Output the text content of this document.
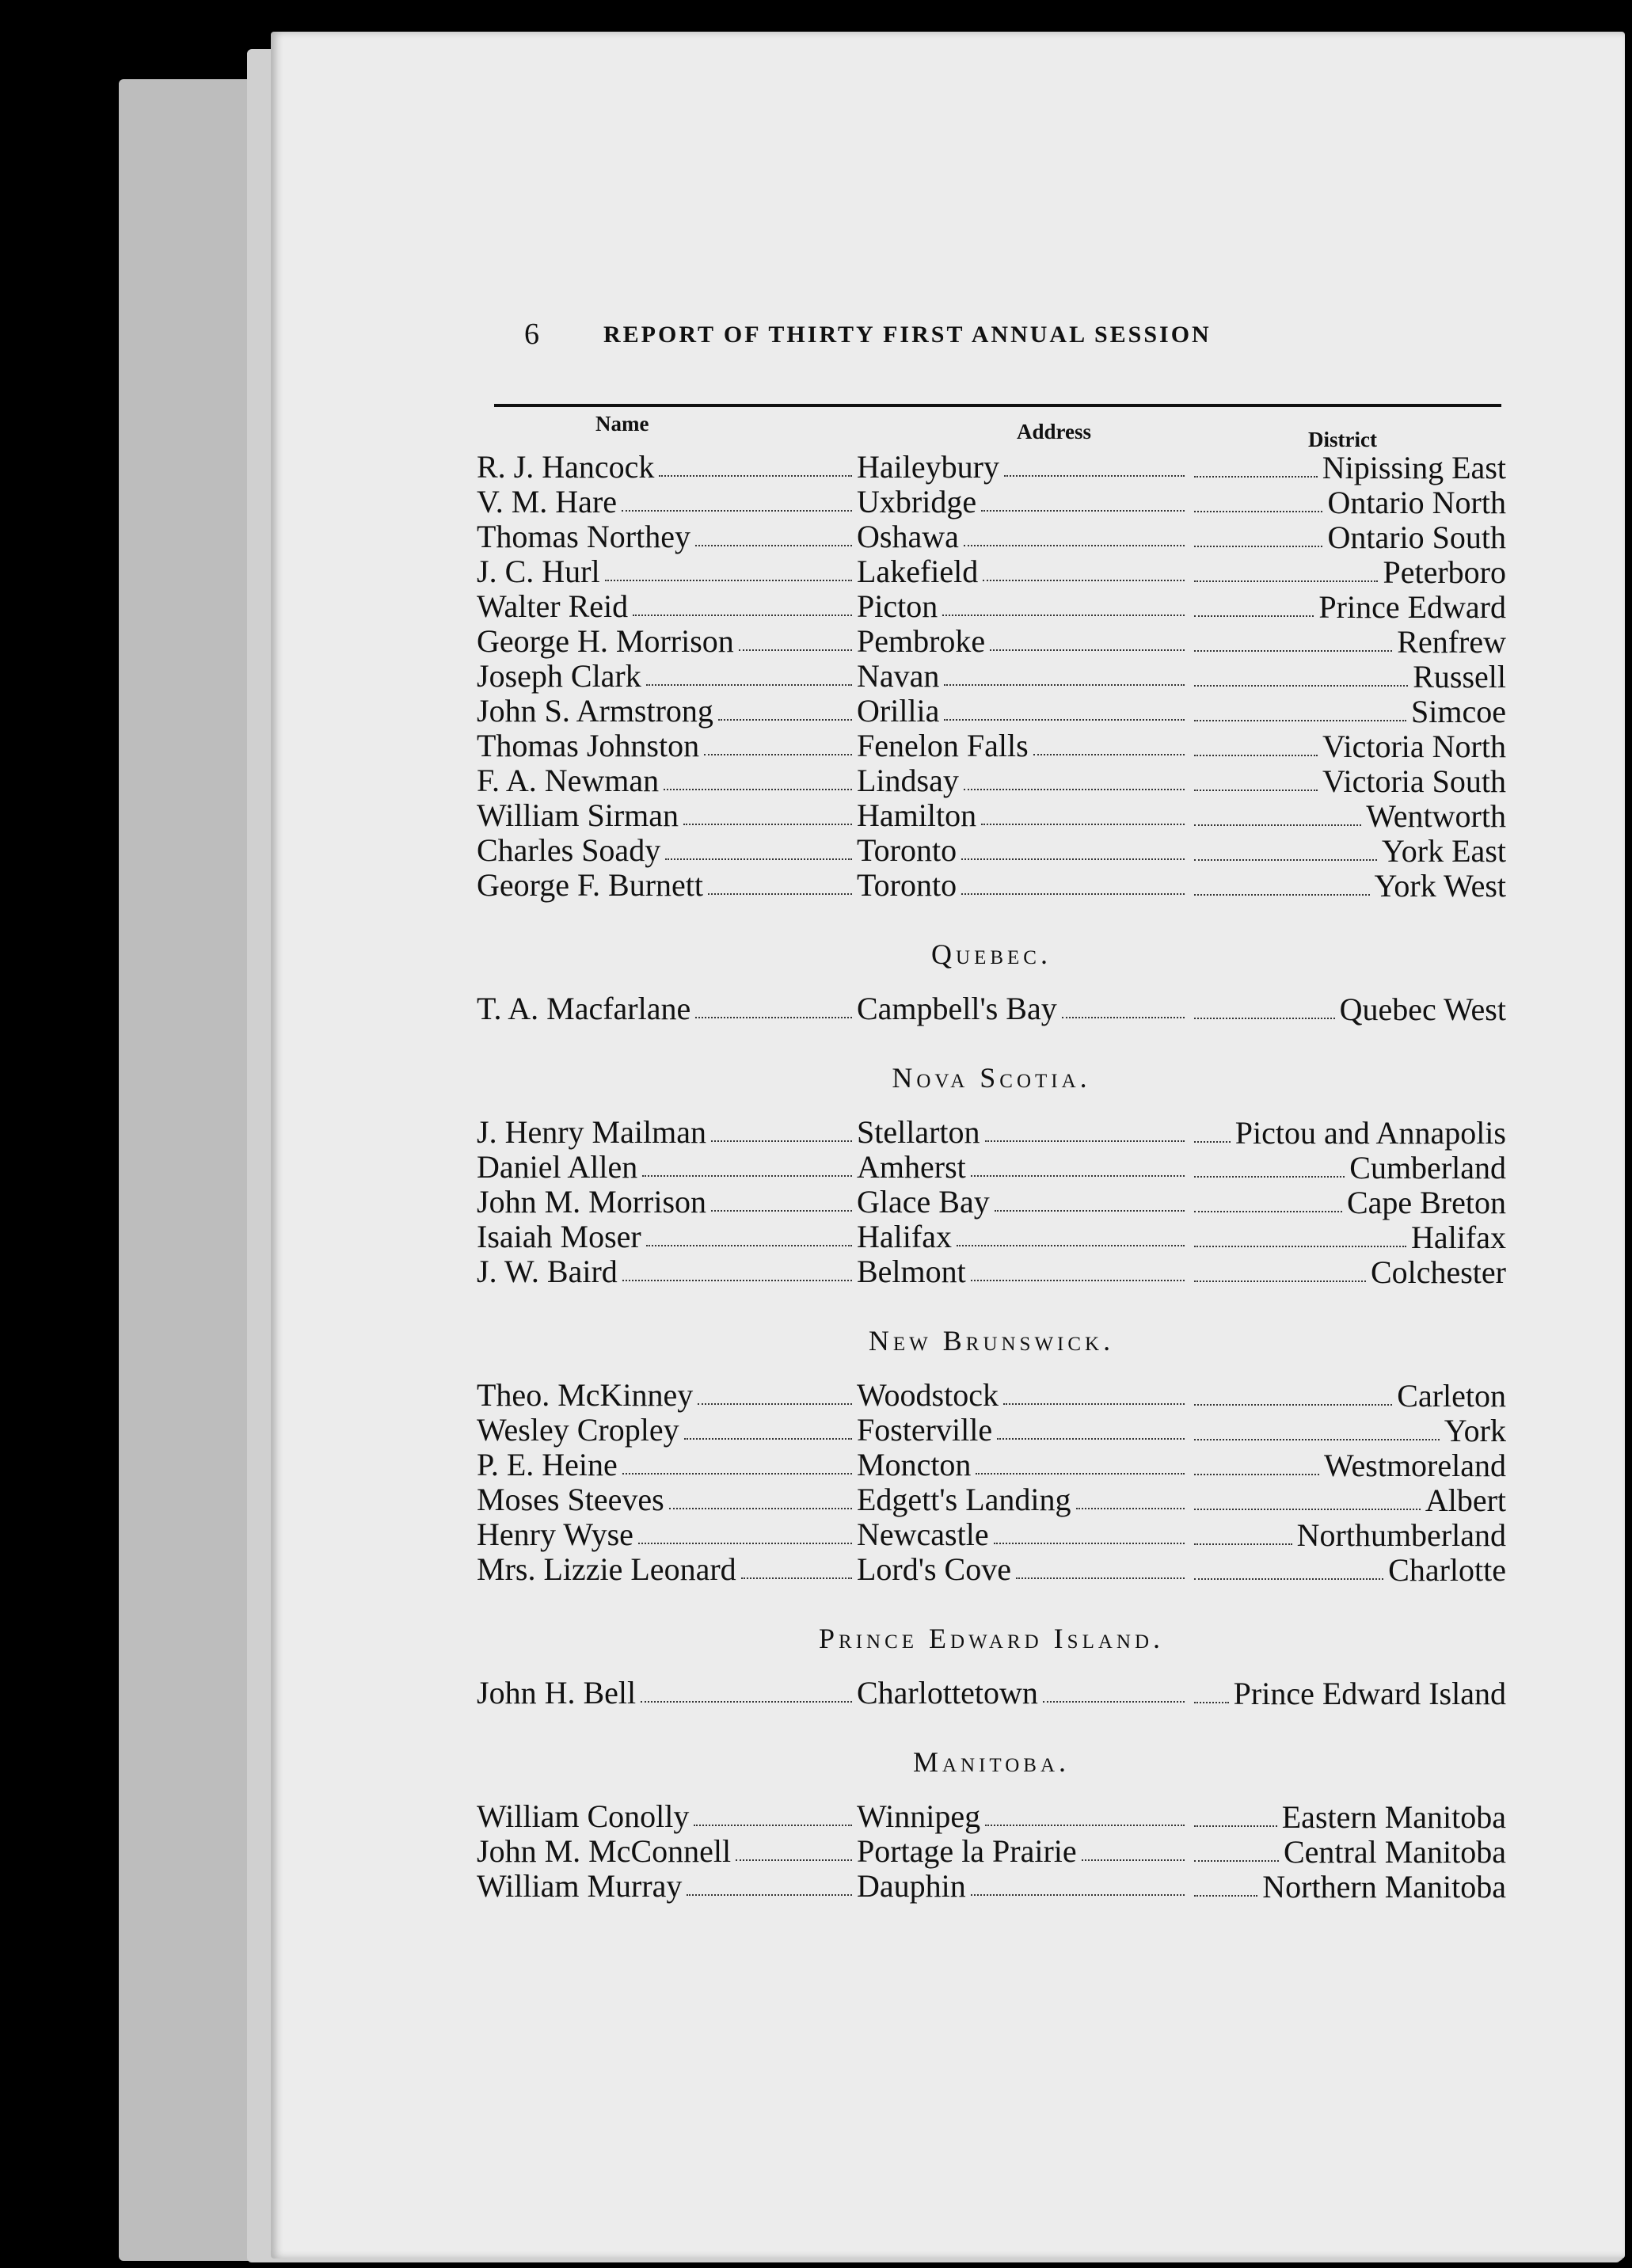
6	REPORT OF THIRTY FIRST ANNUAL SESSION
Name	Address	District
R. J. Hancock	Haileybury	Nipissing East
V. M. Hare	Uxbridge	Ontario North
Thomas Northey	Oshawa	Ontario South
J. C. Hurl	Lakefield	Peterboro
Walter Reid	Picton	Prince Edward
George H. Morrison	Pembroke	Renfrew
Joseph Clark	Navan	Russell
John S. Armstrong	Orillia	Simcoe
Thomas Johnston	Fenelon Falls	Victoria North
F. A. Newman	Lindsay	Victoria South
William Sirman	Hamilton	Wentworth
Charles Soady	Toronto	York East
George F. Burnett	Toronto	York West
Quebec.
T. A. Macfarlane	Campbell's Bay	Quebec West
Nova Scotia.
J. Henry Mailman	Stellarton	Pictou and Annapolis
Daniel Allen	Amherst	Cumberland
John M. Morrison	Glace Bay	Cape Breton
Isaiah Moser	Halifax	Halifax
J. W. Baird	Belmont	Colchester
New Brunswick.
Theo. McKinney	Woodstock	Carleton
Wesley Cropley	Fosterville	York
P. E. Heine	Moncton	Westmoreland
Moses Steeves	Edgett's Landing	Albert
Henry Wyse	Newcastle	Northumberland
Mrs. Lizzie Leonard	Lord's Cove	Charlotte
Prince Edward Island.
John H. Bell	Charlottetown	Prince Edward Island
Manitoba.
William Conolly	Winnipeg	Eastern Manitoba
John M. McConnell	Portage la Prairie	Central Manitoba
William Murray	Dauphin	Northern Manitoba
